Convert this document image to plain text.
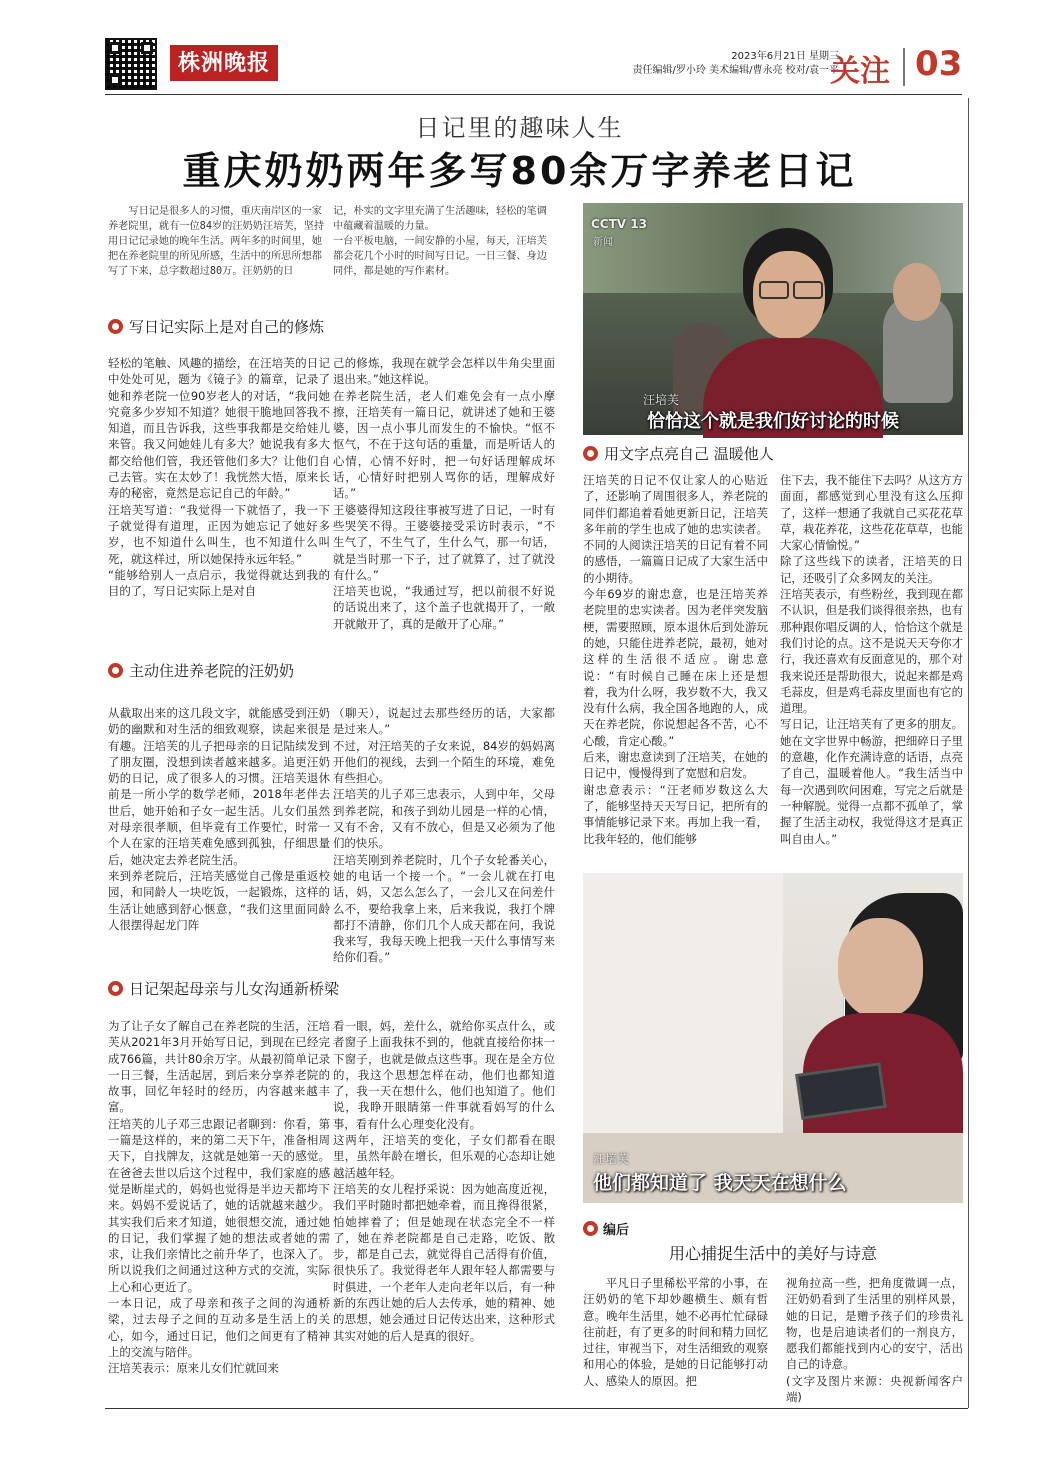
株洲晚报	2023年6月21日 星期三
责任编辑/罗小玲 美术编辑/曹永亮 校对/袁一平
关注 03
日记里的趣味人生
重庆奶奶两年多写80余万字养老日记
写日记是很多人的习惯，重庆南岸区的一家养老院里，就有一位84岁的汪奶奶汪培芙，坚持用日记记录她的晚年生活。两年多的时间里，她把在养老院里的所见所感，生活中的所思所想都写了下来，总字数超过80万。汪奶奶的日
记，朴实的文字里充满了生活趣味，轻松的笔调中蕴藏着温暖的力量。
一台平板电脑，一间安静的小屋，每天，汪培芙都会花几个小时的时间写日记。一日三餐、身边同伴，都是她的写作素材。
写日记实际上是对自己的修炼
轻松的笔触、风趣的描绘，在汪培芙的日记中处处可见，题为《镜子》的篇章，记录了她和养老院一位90岁老人的对话，“我问她究竟多少岁知不知道？她很干脆地回答我不知道，而且告诉我，这些事我都是交给娃儿来管。我又问她娃儿有多大？她说我有多大都交给他们管，我还管他们多大？让他们自己去管。实在太妙了！我恍然大悟，原来长寿的秘密，竟然是忘记自己的年龄。”
汪培芙写道：“我觉得一下就悟了，我一下子就觉得有道理，正因为她忘记了她好多岁，也不知道什么叫生，也不知道什么叫死，就这样过，所以她保持永远年轻。”
“能够给别人一点启示，我觉得就达到我的目的了，写日记实际上是对自
己的修炼，我现在就学会怎样以牛角尖里面退出来。”她这样说。
在养老院生活，老人们难免会有一点小摩擦，汪培芙有一篇日记，就讲述了她和王婆婆，因一点小事儿而发生的不愉快。“怄不怄气，不在于这句话的重量，而是听话人的心情，心情不好时，把一句好话理解成坏话，心情好时把别人骂你的话，理解成好话。”
王婆婆得知这段往事被写进了日记，一时有些哭笑不得。王婆婆接受采访时表示，“不生气了，不生气了，生什么气，那一句话，就是当时那一下子，过了就算了，过了就没有什么。”
汪培芙也说，“我通过写，把以前很不好说的话说出来了，这个盖子也就揭开了，一敞开就敞开了，真的是敞开了心扉。”
主动住进养老院的汪奶奶
从截取出来的这几段文字，就能感受到汪奶奶的幽默和对生活的细致观察，读起来很是有趣。汪培芙的儿子把母亲的日记陆续发到了朋友圈，没想到读者越来越多。追更汪奶奶的日记，成了很多人的习惯。汪培芙退休前是一所小学的数学老师，2018年老伴去世后，她开始和子女一起生活。儿女们虽然对母亲很孝顺，但毕竟有工作要忙，时常一个人在家的汪培芙难免感到孤独，仔细思量后，她决定去养老院生活。
来到养老院后，汪培芙感觉自己像是重返校园，和同龄人一块吃饭，一起锻炼，这样的生活让她感到舒心惬意，“我们这里面同龄人很摆得起龙门阵
（聊天），说起过去那些经历的话，大家都是过来人。”
不过，对汪培芙的子女来说，84岁的妈妈离开他们的视线，去到一个陌生的环境，难免有些担心。
汪培芙的儿子邓三忠表示，人到中年，父母到养老院，和孩子到幼儿园是一样的心情，又有不舍，又有不放心，但是又必须为了他们的快乐。
汪培芙刚到养老院时，几个子女轮番关心，她的电话一个接一个。“一会儿就在打电话，妈，又怎么怎么了，一会儿又在问差什么不，要给我拿上来，后来我说，我打个牌都打不清静，你们几个人成天都在问，我说我来写，我每天晚上把我一天什么事情写来给你们看。”
日记架起母亲与儿女沟通新桥梁
为了让子女了解自己在养老院的生活，汪培芙从2021年3月开始写日记，到现在已经完成766篇，共计80余万字。从最初简单记录一日三餐，生活起居，到后来分享养老院的故事，回忆年轻时的经历，内容越来越丰富。
汪培芙的儿子邓三忠跟记者聊到：你看，第一篇是这样的，来的第二天下午，准备相周天下，自找牌友，这就是她第一天的感觉。在爸爸去世以后这个过程中，我们家庭的感觉是断崖式的，妈妈也觉得是半边天都垮下来。妈妈不爱说话了，她的话就越来越少。其实我们后来才知道，她很想交流，通过她的日记，我们掌握了她的想法或者她的需求，让我们亲情比之前升华了，也深入了。所以说我们之间通过这种方式的交流，实际上心和心更近了。
一本日记，成了母亲和孩子之间的沟通桥梁，过去母子之间的互动多是生活上的关心，如今，通过日记，他们之间更有了精神上的交流与陪伴。
汪培芙表示：原来儿女们忙就回来
看一眼，妈，差什么，就给你买点什么，或者窗子上面我抹不到的，他就直接给你抹一下窗子，也就是做点这些事。现在是全方位的，我这个思想怎样在动，他们也都知道了，我一天在想什么，他们也知道了。他们说，我睁开眼睛第一件事就看妈写的什么事，看有什么心理变化没有。
这两年，汪培芙的变化，子女们都看在眼里，虽然年龄在增长，但乐观的心态却让她越活越年轻。
汪培芙的女儿程抒采说：因为她高度近视，我们平时随时都把她牵着，而且搀得很紧，怕她摔着了；但是她现在状态完全不一样了，她在养老院都是自己走路，吃饭、散步，都是自己去，就觉得自己活得有价值，很快乐了。我觉得老年人跟年轻人都需要与时俱进，一个老年人走向老年以后，有一种新的东西让她的后人去传承，她的精神、她的思想，她会通过日记传达出来，这种形式其实对她的后人是真的很好。
CCTV 13
新闻
汪培芙
恰恰这个就是我们好讨论的时候
用文字点亮自己 温暖他人
汪培芙的日记不仅让家人的心贴近了，还影响了周围很多人，养老院的同伴们都追着看她更新日记，汪培芙多年前的学生也成了她的忠实读者。不同的人阅读汪培芙的日记有着不同的感悟，一篇篇日记成了大家生活中的小期待。
今年69岁的谢忠意，也是汪培芙养老院里的忠实读者。因为老伴突发脑梗，需要照顾，原本退休后到处游玩的她，只能住进养老院，最初，她对这样的生活很不适应。谢忠意说：“有时候自己睡在床上还是想着，我为什么呀，我岁数不大，我又没有什么病，我全国各地跑的人，成天在养老院，你说想起各不苦，心不心酸，肯定心酸。”
后来，谢忠意读到了汪培芙，在她的日记中，慢慢得到了宽慰和启发。
谢忠意表示：“汪老师岁数这么大了，能够坚持天天写日记，把所有的事情能够记录下来。再加上我一看，比我年轻的，他们能够
住下去，我不能住下去吗？从这方方面面，都感觉到心里没有这么压抑了，这样一想通了我就自己买花花草草，栽花养花，这些花花草草，也能大家心情愉悦。”
除了这些线下的读者，汪培芙的日记，还吸引了众多网友的关注。
汪培芙表示，有些粉丝，我到现在都不认识，但是我们谈得很亲热，也有那种跟你唱反调的人，恰恰这个就是我们讨论的点。这不是说天天夸你才行，我还喜欢有反面意见的，那个对我来说还是帮助很大，说起来都是鸡毛蒜皮，但是鸡毛蒜皮里面也有它的道理。
写日记，让汪培芙有了更多的朋友。她在文字世界中畅游，把细碎日子里的意趣，化作充满诗意的话语，点亮了自己，温暖着他人。“我生活当中每一次遇到吹问困难，写完之后就是一种解脱。觉得一点都不孤单了，掌握了生活主动权，我觉得这才是真正叫自由人。”
汪培芙
他们都知道了 我天天在想什么
编后
用心捕捉生活中的美好与诗意
平凡日子里稀松平常的小事，在汪奶奶的笔下却妙趣横生、颇有哲意。晚年生活里，她不必再忙忙碌碌往前赶，有了更多的时间和精力回忆过往，审视当下，对生活细致的观察和用心的体验，是她的日记能够打动人、感染人的原因。把
视角拉高一些，把角度微调一点，汪奶奶看到了生活里的别样风景，她的日记，是赠予孩子们的珍贵礼物，也是启迪读者们的一剂良方，愿我们都能找到内心的安宁，活出自己的诗意。
(文字及图片来源：央视新闻客户端)
